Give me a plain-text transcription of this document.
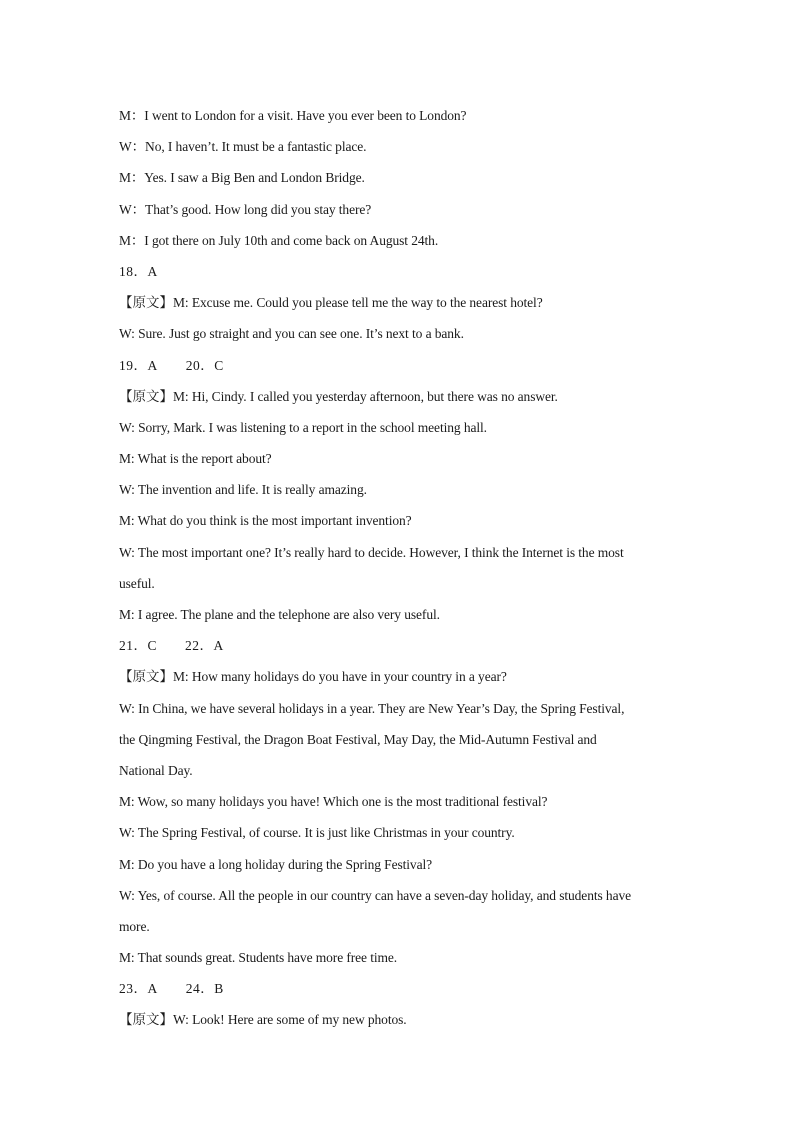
M：I went to London for a visit. Have you ever been to London?
W：No, I haven’t. It must be a fantastic place.
M：Yes. I saw a Big Ben and London Bridge.
W：That’s good. How long did you stay there?
M：I got there on July 10th and come back on August 24th.
18．A
【原文】M: Excuse me. Could you please tell me the way to the nearest hotel?
W: Sure. Just go straight and you can see one. It’s next to a bank.
19．A 20．C
【原文】M: Hi, Cindy. I called you yesterday afternoon, but there was no answer.
W: Sorry, Mark. I was listening to a report in the school meeting hall.
M: What is the report about?
W: The invention and life. It is really amazing.
M: What do you think is the most important invention?
W: The most important one? It’s really hard to decide. However, I think the Internet is the most
useful.
M: I agree. The plane and the telephone are also very useful.
21．C 22．A
【原文】M: How many holidays do you have in your country in a year?
W: In China, we have several holidays in a year. They are New Year’s Day, the Spring Festival,
the Qingming Festival, the Dragon Boat Festival, May Day, the Mid-Autumn Festival and
National Day.
M: Wow, so many holidays you have! Which one is the most traditional festival?
W: The Spring Festival, of course. It is just like Christmas in your country.
M: Do you have a long holiday during the Spring Festival?
W: Yes, of course. All the people in our country can have a seven-day holiday, and students have
more.
M: That sounds great. Students have more free time.
23．A 24．B
【原文】W: Look! Here are some of my new photos.
